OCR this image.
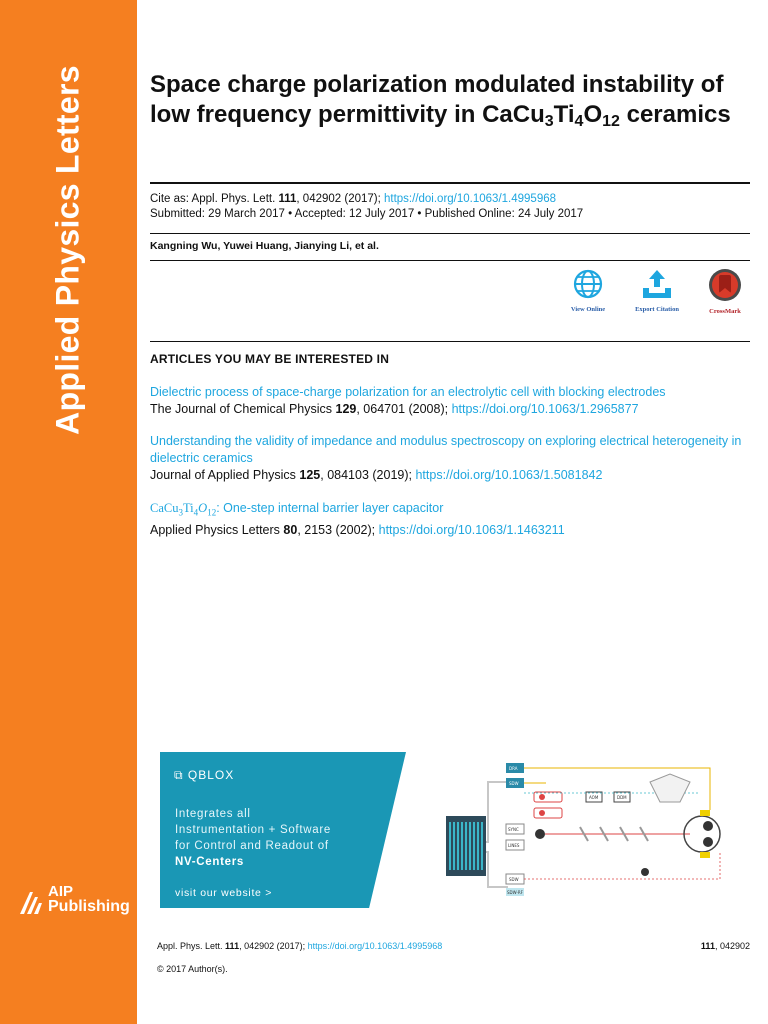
Applied Physics Letters
AIP
Publishing
Space charge polarization modulated instability of low frequency permittivity in $CaCu_3Ti_4O_{12}$ ceramics
Cite as: Appl. Phys. Lett. 111, 042902 (2017); https://doi.org/10.1063/1.4995968
Submitted: 29 March 2017 • Accepted: 12 July 2017 • Published Online: 24 July 2017
Kangning Wu, Yuwei Huang, Jianying Li, et al.
View Online	Export Citation	CrossMark
ARTICLES YOU MAY BE INTERESTED IN
Dielectric process of space-charge polarization for an electrolytic cell with blocking electrodes
The Journal of Chemical Physics 129, 064701 (2008); https://doi.org/10.1063/1.2965877
Understanding the validity of impedance and modulus spectroscopy on exploring electrical heterogeneity in dielectric ceramics
Journal of Applied Physics 125, 084103 (2019); https://doi.org/10.1063/1.5081842
$CaCu_3Ti_4O_{12}$: One-step internal barrier layer capacitor
Applied Physics Letters 80, 2153 (2002); https://doi.org/10.1063/1.1463211
⧉ QBLOX
Integrates all
Instrumentation + Software
for Control and Readout of
NV-Centers
visit our website >
DRA
SDW
SYNC
LINES
SDW
SDW-RF
AOM	DDM
Appl. Phys. Lett. 111, 042902 (2017); https://doi.org/10.1063/1.4995968
© 2017 Author(s).
111, 042902
